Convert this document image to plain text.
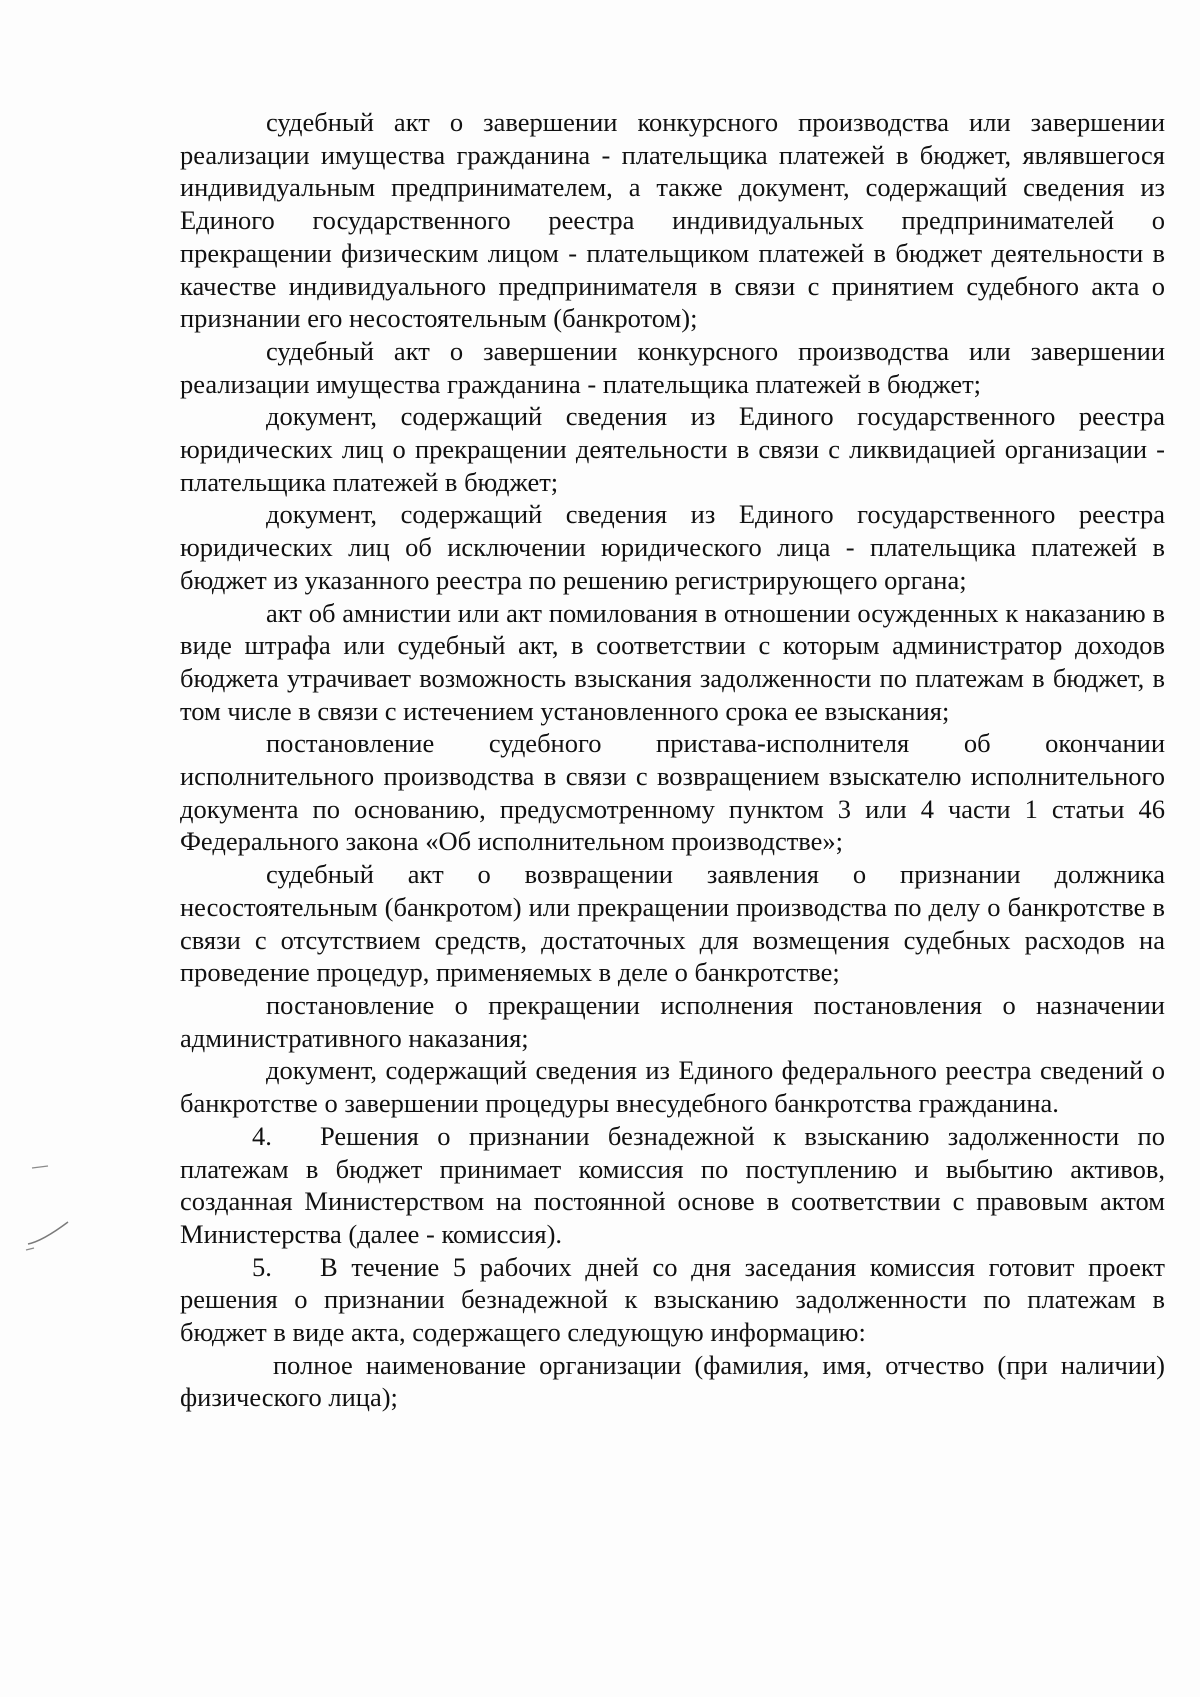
судебный акт о завершении конкурсного производства или завершении реализации имущества гражданина - плательщика платежей в бюджет, являвшегося индивидуальным предпринимателем, а также документ, содержащий сведения из Единого государственного реестра индивидуальных предпринимателей о прекращении физическим лицом - плательщиком платежей в бюджет деятельности в качестве индивидуального предпринимателя в связи с принятием судебного акта о признании его несостоятельным (банкротом);

судебный акт о завершении конкурсного производства или завершении реализации имущества гражданина - плательщика платежей в бюджет;

документ, содержащий сведения из Единого государственного реестра юридических лиц о прекращении деятельности в связи с ликвидацией организации - плательщика платежей в бюджет;

документ, содержащий сведения из Единого государственного реестра юридических лиц об исключении юридического лица - плательщика платежей в бюджет из указанного реестра по решению регистрирующего органа;

акт об амнистии или акт помилования в отношении осужденных к наказанию в виде штрафа или судебный акт, в соответствии с которым администратор доходов бюджета утрачивает возможность взыскания задолженности по платежам в бюджет, в том числе в связи с истечением установленного срока ее взыскания;

постановление судебного пристава-исполнителя об окончании исполнительного производства в связи с возвращением взыскателю исполнительного документа по основанию, предусмотренному пунктом 3 или 4 части 1 статьи 46 Федерального закона «Об исполнительном производстве»;

судебный акт о возвращении заявления о признании должника несостоятельным (банкротом) или прекращении производства по делу о банкротстве в связи с отсутствием средств, достаточных для возмещения судебных расходов на проведение процедур, применяемых в деле о банкротстве;

постановление о прекращении исполнения постановления о назначении административного наказания;

документ, содержащий сведения из Единого федерального реестра сведений о банкротстве о завершении процедуры внесудебного банкротства гражданина.

4. Решения о признании безнадежной к взысканию задолженности по платежам в бюджет принимает комиссия по поступлению и выбытию активов, созданная Министерством на постоянной основе в соответствии с правовым актом Министерства (далее - комиссия).

5. В течение 5 рабочих дней со дня заседания комиссия готовит проект решения о признании безнадежной к взысканию задолженности по платежам в бюджет в виде акта, содержащего следующую информацию:

полное наименование организации (фамилия, имя, отчество (при наличии) физического лица);
